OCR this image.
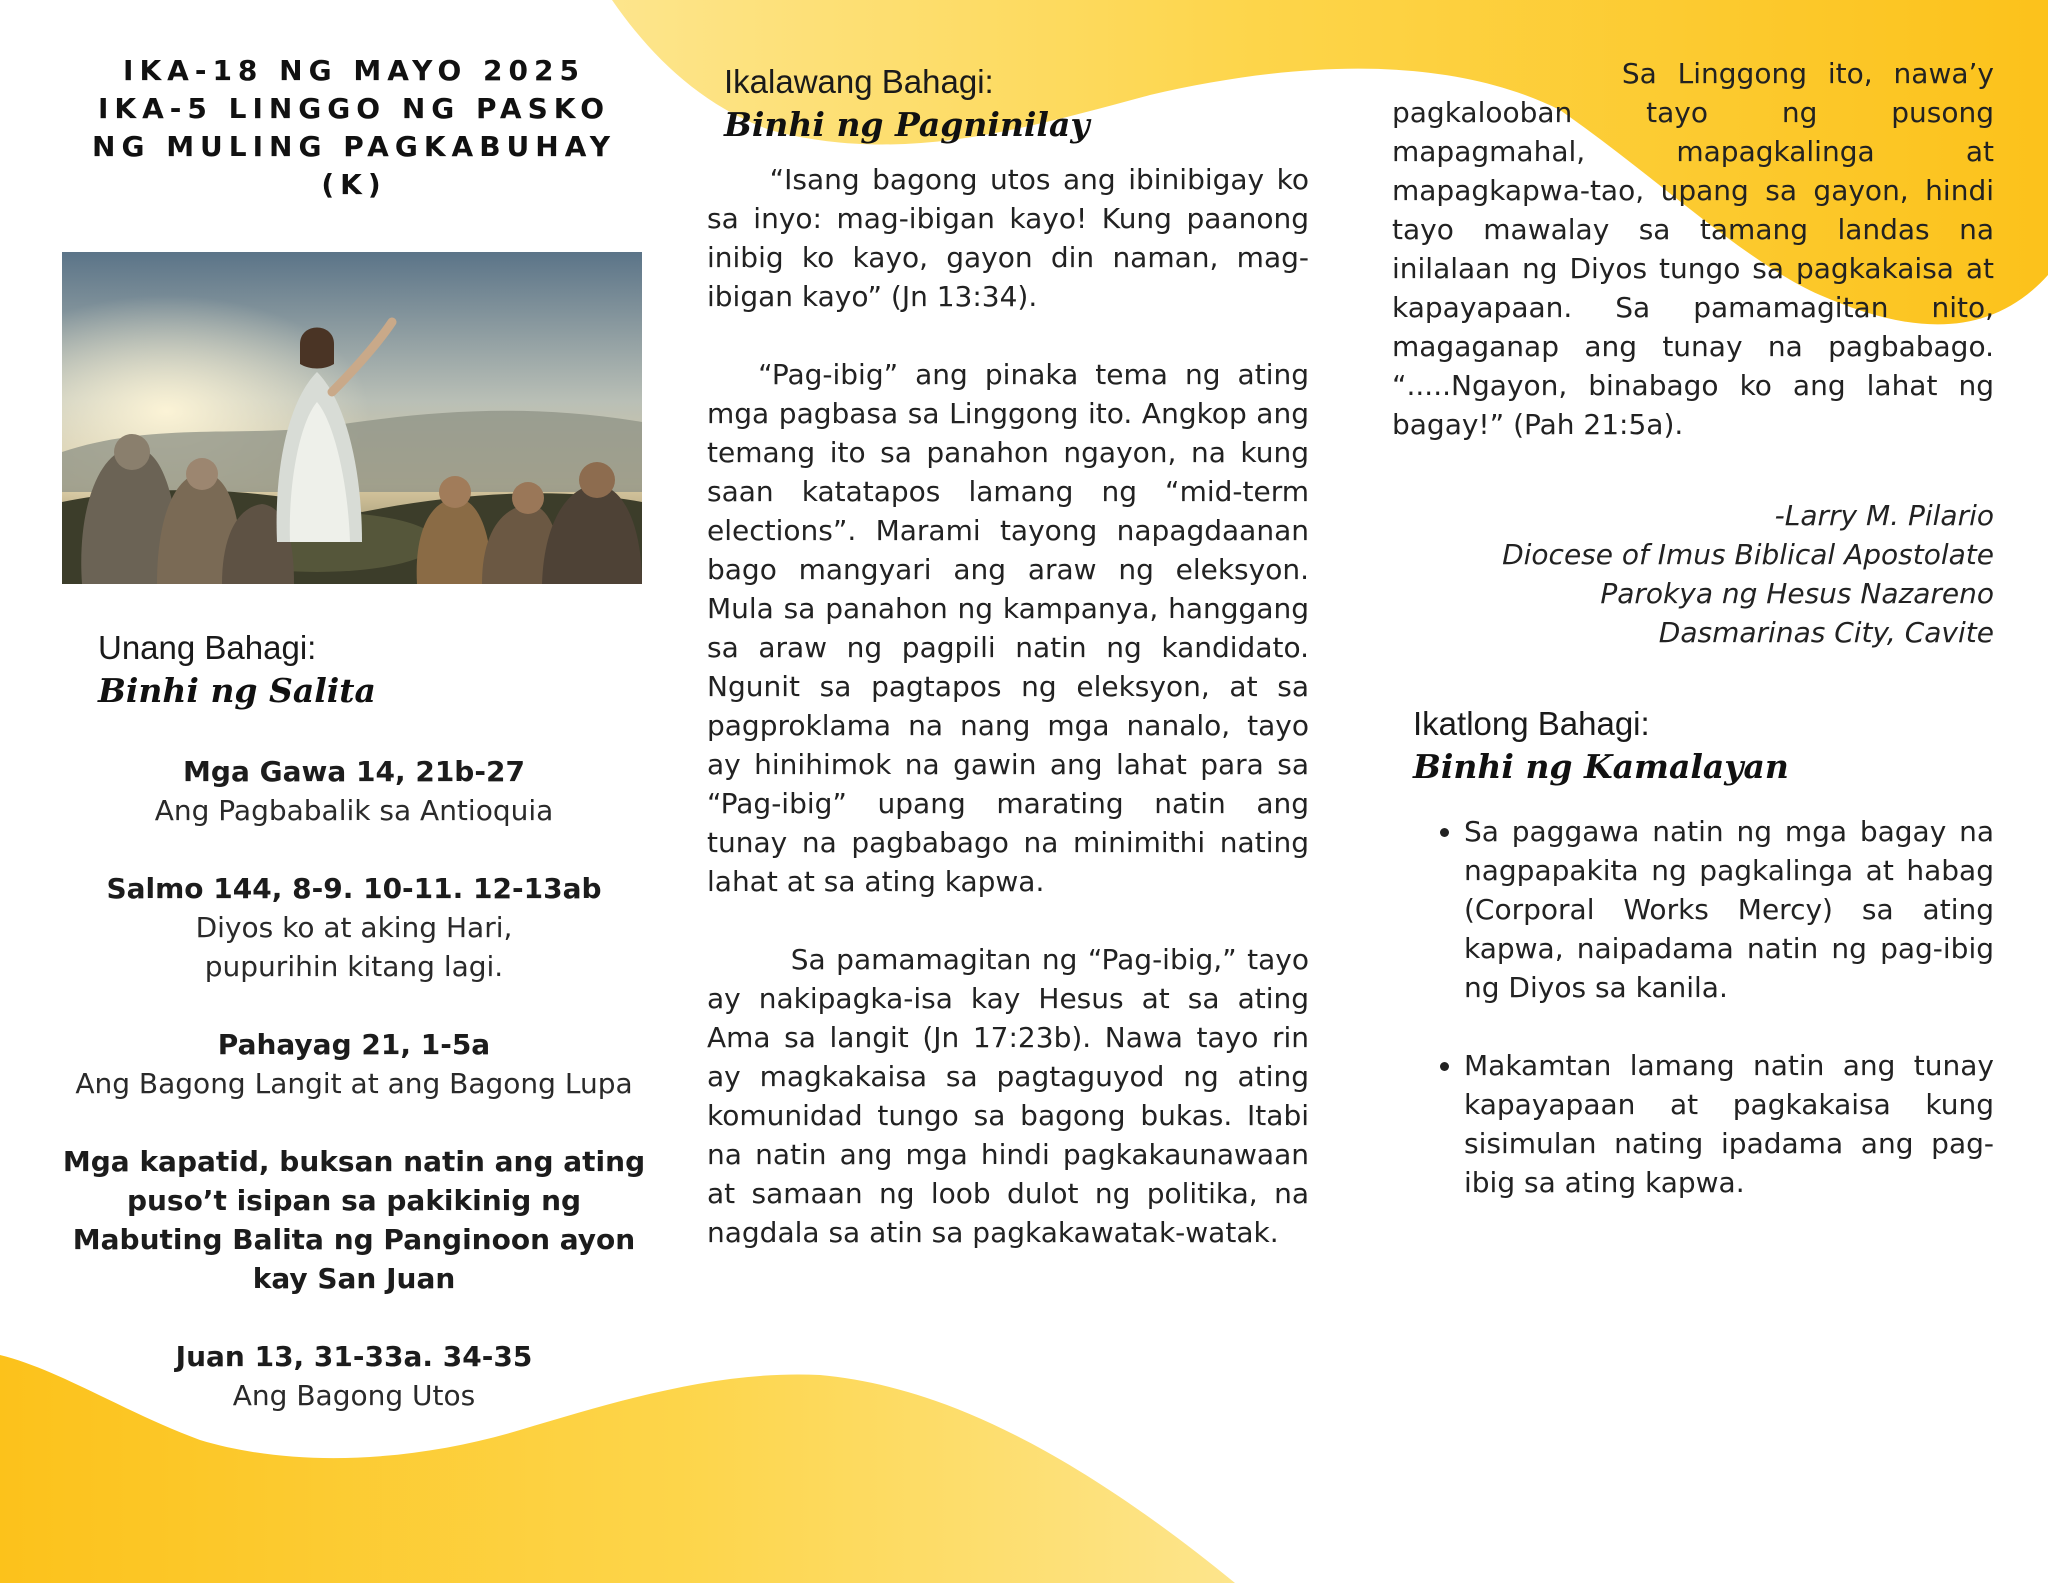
IKA-18 NG MAYO 2025
IKA-5 LINGGO NG PASKO
NG MULING PAGKABUHAY
(K)

Unang Bahagi:

Binhi ng Salita

Mga Gawa 14, 21b-27
Ang Pagbabalik sa Antioquia
Salmo 144, 8-9. 10-11. 12-13ab
Diyos ko at aking Hari, pupurihin kitang lagi.
Pahayag 21, 1-5a
Ang Bagong Langit at ang Bagong Lupa

Mga kapatid, buksan natin ang ating puso’t isipan sa pakikinig ng Mabuting Balita ng Panginoon ayon kay San Juan

Juan 13, 31-33a. 34-35
Ang Bagong Utos

Ikalawang Bahagi:

Binhi ng Pagninilay

“Isang bagong utos ang ibinibigay ko sa inyo: mag-ibigan kayo! Kung paanong inibig ko kayo, gayon din naman, mag-ibigan kayo” (Jn 13:34).

“Pag-ibig” ang pinaka tema ng ating mga pagbasa sa Linggong ito. Angkop ang temang ito sa panahon ngayon, na kung saan katatapos lamang ng “mid-term elections”. Marami tayong napagdaanan bago mangyari ang araw ng eleksyon. Mula sa panahon ng kampanya, hanggang sa araw ng pagpili natin ng kandidato. Ngunit sa pagtapos ng eleksyon, at sa pagproklama na nang mga nanalo, tayo ay hinihimok na gawin ang lahat para sa “Pag-ibig” upang marating natin ang tunay na pagbabago na minimithi nating lahat at sa ating kapwa.

Sa pamamagitan ng “Pag-ibig,” tayo ay nakipagka-isa kay Hesus at sa ating Ama sa langit (Jn 17:23b). Nawa tayo rin ay magkakaisa sa pagtaguyod ng ating komunidad tungo sa bagong bukas. Itabi na natin ang mga hindi pagkakaunawaan at samaan ng loob dulot ng politika, na nagdala sa atin sa pagkakawatak-watak.

Sa Linggong ito, nawa’y pagkalooban tayo ng pusong mapagmahal, mapagkalinga at mapagkapwa-tao, upang sa gayon, hindi tayo mawalay sa tamang landas na inilalaan ng Diyos tungo sa pagkakaisa at kapayapaan. Sa pamamagitan nito, magaganap ang tunay na pagbabago. “.....Ngayon, binabago ko ang lahat ng bagay!” (Pah 21:5a).

-Larry M. Pilario
Diocese of Imus Biblical Apostolate
Parokya ng Hesus Nazareno
Dasmarinas City, Cavite

Ikatlong Bahagi:

Binhi ng Kamalayan

• Sa paggawa natin ng mga bagay na nagpapakita ng pagkalinga at habag (Corporal Works Mercy) sa ating kapwa, naipadama natin ng pag-ibig ng Diyos sa kanila.
• Makamtan lamang natin ang tunay kapayapaan at pagkakaisa kung sisimulan nating ipadama ang pag-ibig sa ating kapwa.
